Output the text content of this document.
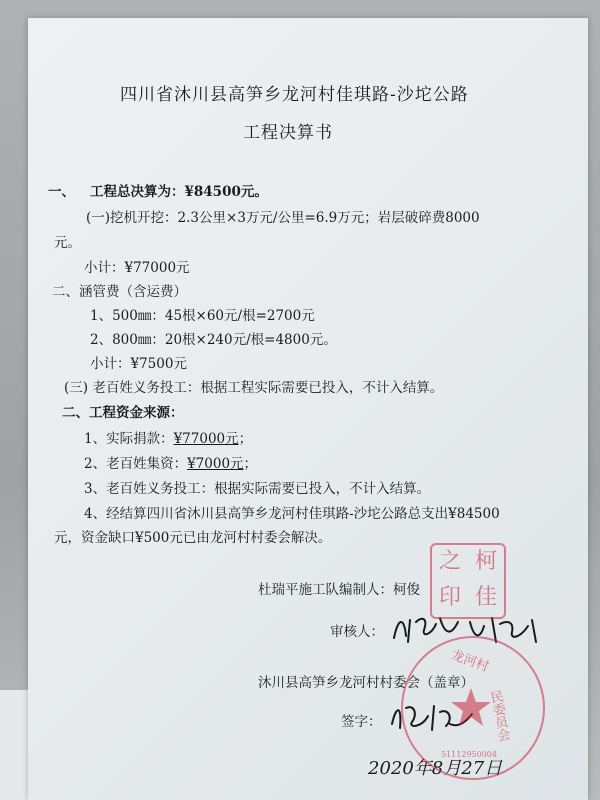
四川省沐川县高笋乡龙河村佳琪路-沙坨公路
工程决算书
一、 工程总决算为：¥84500元。
(一)挖机开挖：2.3公里×3万元/公里=6.9万元；岩层破碎费8000
元。
小计：¥77000元
二、涵管费（含运费）
1、500㎜：45根×60元/根=2700元
2、800㎜：20根×240元/根=4800元。
小计：¥7500元
(三) 老百姓义务投工：根据工程实际需要已投入，不计入结算。
二、工程资金来源：
1、实际捐款：¥77000元；
2、老百姓集资：¥7000元；
3、老百姓义务投工：根据实际需要已投入，不计入结算。
4、经结算四川省沐川县高笋乡龙河村佳琪路-沙坨公路总支出¥84500
元，资金缺口¥500元已由龙河村村委会解决。
杜瑞平施工队编制人：柯俊
审核人：
沐川县高笋乡龙河村村委会（盖章）
签字：
2020年8月27日
龙河村
民委员会
51112950004
之 柯
印 佳
